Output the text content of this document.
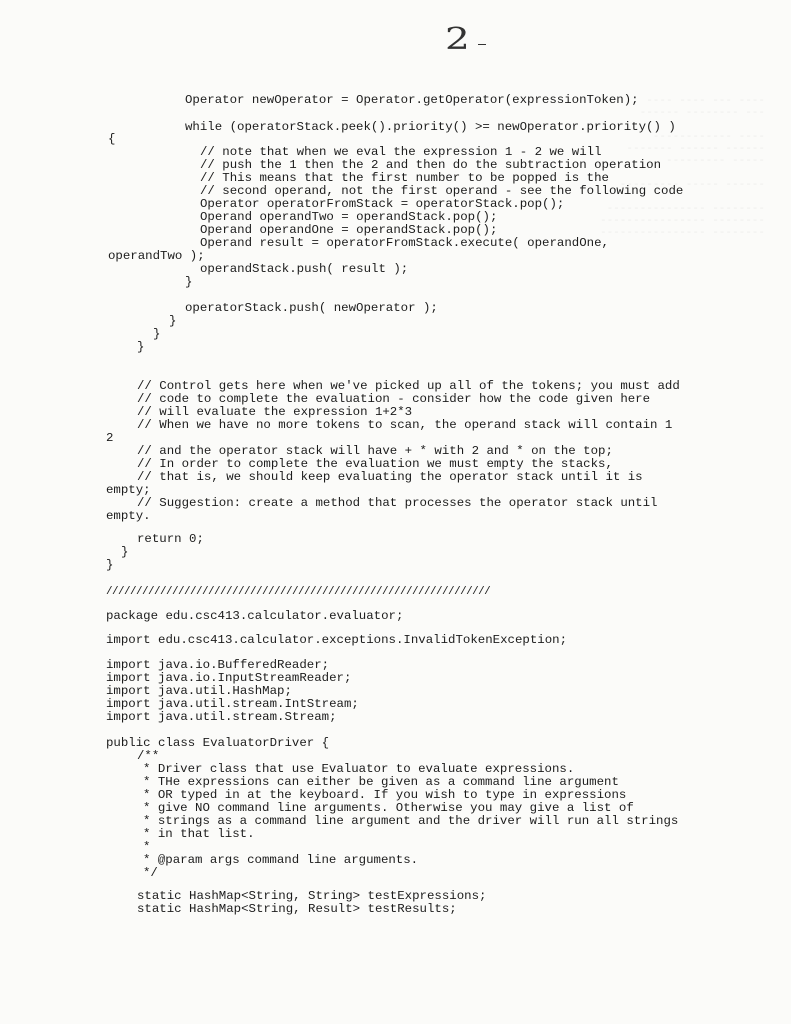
2
---- --- ---- ----
--- -------- ------

---- ------------
------ ------ -------
----- ---------

------ ----- ---------

-------- ---------------
-------- ----------------
-------- ----------------

Operator newOperator = Operator.getOperator(expressionToken);

while (operatorStack.peek().priority() >= newOperator.priority() )

{

// note that when we eval the expression 1 - 2 we will

// push the 1 then the 2 and then do the subtraction operation

// This means that the first number to be popped is the

// second operand, not the first operand - see the following code

Operator operatorFromStack = operatorStack.pop();

Operand operandTwo = operandStack.pop();

Operand operandOne = operandStack.pop();

Operand result = operatorFromStack.execute( operandOne,

operandTwo );

operandStack.push( result );

}

operatorStack.push( newOperator );

}

}

}

// Control gets here when we've picked up all of the tokens; you must add

// code to complete the evaluation - consider how the code given here

// will evaluate the expression 1+2*3

// When we have no more tokens to scan, the operand stack will contain 1

2

// and the operator stack will have + * with 2 and * on the top;

// In order to complete the evaluation we must empty the stacks,

// that is, we should keep evaluating the operator stack until it is

empty;

// Suggestion: create a method that processes the operator stack until

empty.

return 0;

}

}

////////////////////////////////////////////////////////////////

package edu.csc413.calculator.evaluator;

import edu.csc413.calculator.exceptions.InvalidTokenException;

import java.io.BufferedReader;

import java.io.InputStreamReader;

import java.util.HashMap;

import java.util.stream.IntStream;

import java.util.stream.Stream;

public class EvaluatorDriver {

/**

* Driver class that use Evaluator to evaluate expressions.

* THe expressions can either be given as a command line argument

* OR typed in at the keyboard. If you wish to type in expressions

* give NO command line arguments. Otherwise you may give a list of

* strings as a command line argument and the driver will run all strings

* in that list.

*

* @param args command line arguments.

*/

static HashMap<String, String> testExpressions;

static HashMap<String, Result> testResults;
